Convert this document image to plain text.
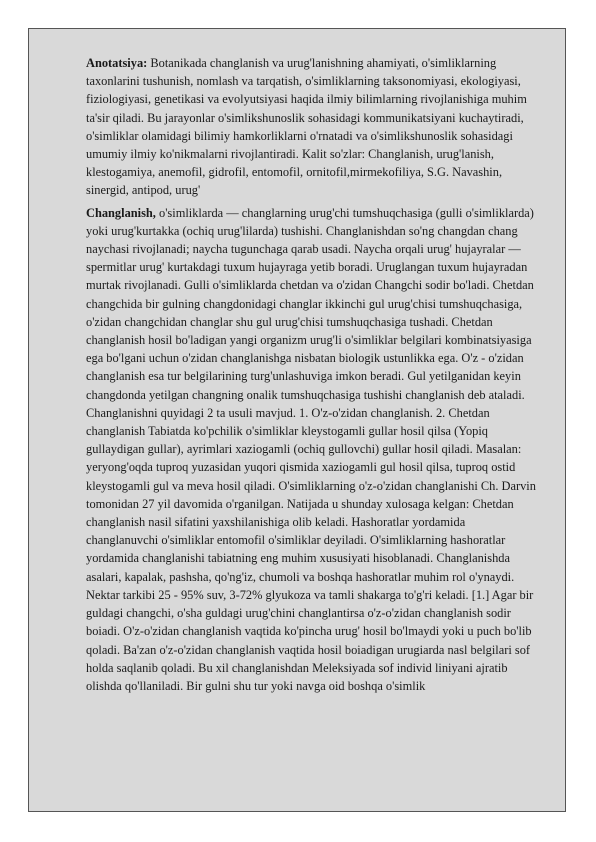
Anotatsiya: Botanikada changlanish va urug'lanishning ahamiyati, o'simliklarning taxonlarini tushunish, nomlash va tarqatish, o'simliklarning taksonomiyasi, ekologiyasi, fiziologiyasi, genetikasi va evolyutsiyasi haqida ilmiy bilimlarning rivojlanishiga muhim ta'sir qiladi. Bu jarayonlar o'simlikshunoslik sohasidagi kommunikatsiyani kuchaytiradi, o'simliklar olamidagi bilimiy hamkorliklarni o'rnatadi va o'simlikshunoslik sohasidagi umumiy ilmiy ko'nikmalarni rivojlantiradi. Kalit so'zlar: Changlanish, urug'lanish, klestogamiya, anemofil, gidrofil, entomofil, ornitofil,mirmekofiliya, S.G. Navashin, sinergid, antipod, urug'

Changlanish, o'simliklarda — changlarning urug'chi tumshuqchasiga (gulli o'simliklarda) yoki urug'kurtakka (ochiq urug'lilarda) tushishi. Changlanishdan so'ng changdan chang naychasi rivojlanadi; naycha tuguncha​ga qarab usadi. Naycha orqali urug' hujayralar — spermitlar urug' kurtakdagi tuxum hujayraga yetib boradi. Uruglangan tuxum hujayradan murtak rivojlanadi. Gulli o'simliklarda chetdan va o'zidan Changchi sodir bo'ladi. Chetdan changchida bir gulning changdonidagi changlar ikkinchi gul urug'chisi tumshuqchasiga, o'zidan changchidan changlar shu gul urug'chisi tumshuqchasiga tushadi. Chetdan changlanish hosil bo'ladigan yangi organizm urug'li o'simliklar belgilari kombinatsiyasiga ega bo'lgani uchun o'zidan changlanishga nisbatan biologik ustunlikka ega. O'z - o'zidan changlanish esa tur belgilarining turg'unlashuviga imkon beradi. Gul yetilganidan keyin changdonda yetilgan changning onalik tumshuqchasiga tushishi changlanish deb ataladi. Changlanishni quyidagi 2 ta usuli mavjud. 1. O'z-o'zidan changlanish. 2. Chetdan changlanish Tabiatda ko'pchilik o'simliklar kleystogamli gullar hosil qilsa (Yopiq gullaydigan gullar), ayrimlari xaziogamli (ochiq gullovchi) gullar hosil qiladi. Masalan: yeryong'oqda tuproq yuzasidan yuqori qismida xaziogamli gul hosil qilsa, tuproq ostid kleystogamli gul va meva hosil qiladi. O'simliklarning o'z-o'zidan changlanishi Ch. Darvin tomonidan 27 yil davomida o'rganilgan. Natijada u shunday xulosaga kelgan: Chetdan changlanish nasil sifatini yaxshilanishiga olib keladi. Hashoratlar yordamida changlanuvchi o'simliklar entomofil o'simliklar deyiladi. O'simliklarning hashoratlar yordamida changlanishi tabiatning eng muhim xususiyati hisoblanadi. Changlanishda asalari, kapalak, pashsha, qo'ng'iz, chumoli va boshqa hashoratlar muhim rol o'ynaydi. Nektar tarkibi 25 - 95% suv, 3-72% glyukoza va tamli shakarga to'g'ri keladi. [1.] Agar bir guldagi changchi, o'sha guldagi urug'chini changlantirsa o'z-o'zidan changlanish sodir boiadi. O'z-o'zidan changlanish vaqtida ko'pincha urug' hosil bo'lmaydi yoki u puch bo'lib qoladi. Ba'zan o'z-o'zidan changlanish vaqtida hosil boiadigan urugiarda nasl belgilari sof holda saqlanib qoladi. Bu xil changlanishdan Meleksiyada sof individ liniyani ajratib olishda qo'llaniladi. Bir gulni shu tur yoki navga oid boshqa o'simlik
